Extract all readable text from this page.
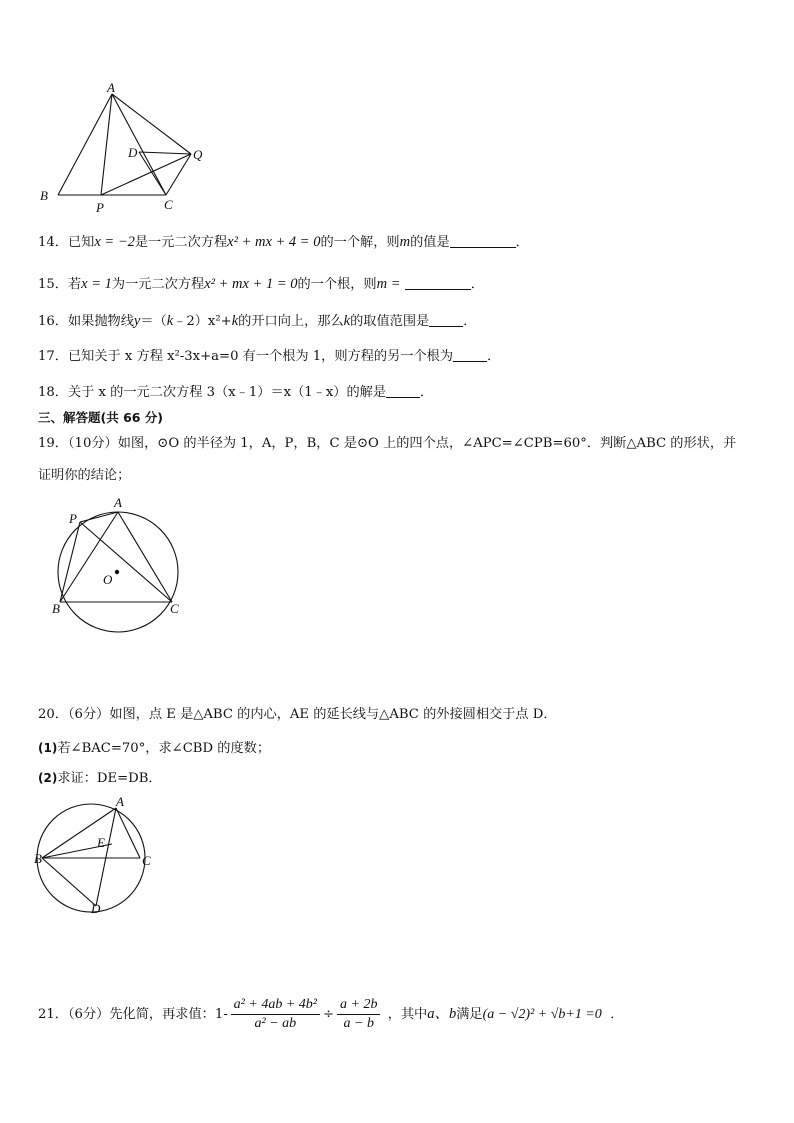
A
B
P	C
D	Q
14．已知x = −2是一元二次方程x² + mx + 4 = 0的一个解，则m的值是	．
15．若x = 1为一元二次方程x² + mx + 1 = 0的一个根，则m =	．
16．如果抛物线y＝（k﹣2）x²+k的开口向上，那么k的取值范围是	．
17．已知关于 x 方程 x²-3x+a=0 有一个根为 1，则方程的另一个根为	．
18．关于 x 的一元二次方程 3（x﹣1）＝x（1﹣x）的解是	．
三、解答题(共 66 分)
19．（10分）如图，⊙O 的半径为 1，A，P，B，C 是⊙O 上的四个点，∠APC=∠CPB=60°．判断△ABC 的形状，并
证明你的结论；
P
A
O
B	C
20．（6分）如图，点 E 是△ABC 的内心，AE 的延长线与△ABC 的外接圆相交于点 D．
(1)若∠BAC=70°，求∠CBD 的度数；
(2)求证：DE=DB．
A
E
B	C
D
21．（6分）先化简，再求值：$1- \frac{\text{a² + 4ab + 4b²}}{\text{a² − ab}} \div \frac{a + 2b}{a - b}$ ，其中a、b满足(a − √2)² + √b+1 =0 ．
